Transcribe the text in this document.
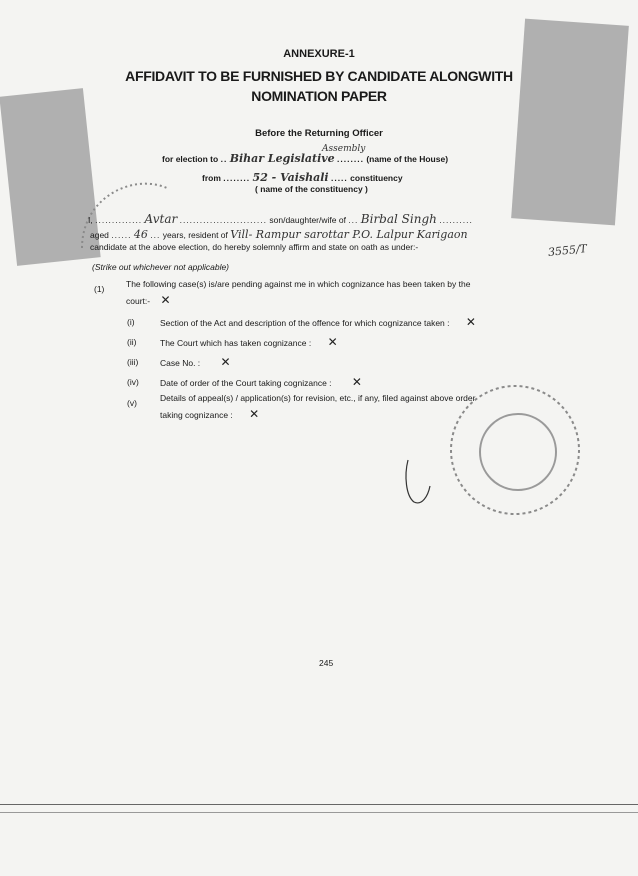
ANNEXURE-1
AFFIDAVIT TO BE FURNISHED BY CANDIDATE ALONGWITH
NOMINATION PAPER
Before the Returning Officer
for election to .. Bihar Legislative ........ (name of the House)
Assembly
from ........ 52 - Vaishali ..... constituency
( name of the constituency )
I, .............. Avtar .......................... son/daughter/wife of ... Birbal Singh ..........
aged ...... 46 ... years, resident of Vill- Rampur sarottar P.O. Lalpur Karigaon
3555/T
candidate at the above election, do hereby solemnly affirm and state on oath as under:-
(Strike out whichever not applicable)
(1)	The following case(s) is/are pending against me in which cognizance has been taken by the
court:- ✕
(i)	Section of the Act and description of the offence for which cognizance taken : ✕
(ii)	The Court which has taken cognizance : ✕
(iii)	Case No. : ✕
(iv) Date of order of the Court taking cognizance : ✕
(v)	Details of appeal(s) / application(s) for revision, etc., if any, filed against above order
taking cognizance : ✕
245
